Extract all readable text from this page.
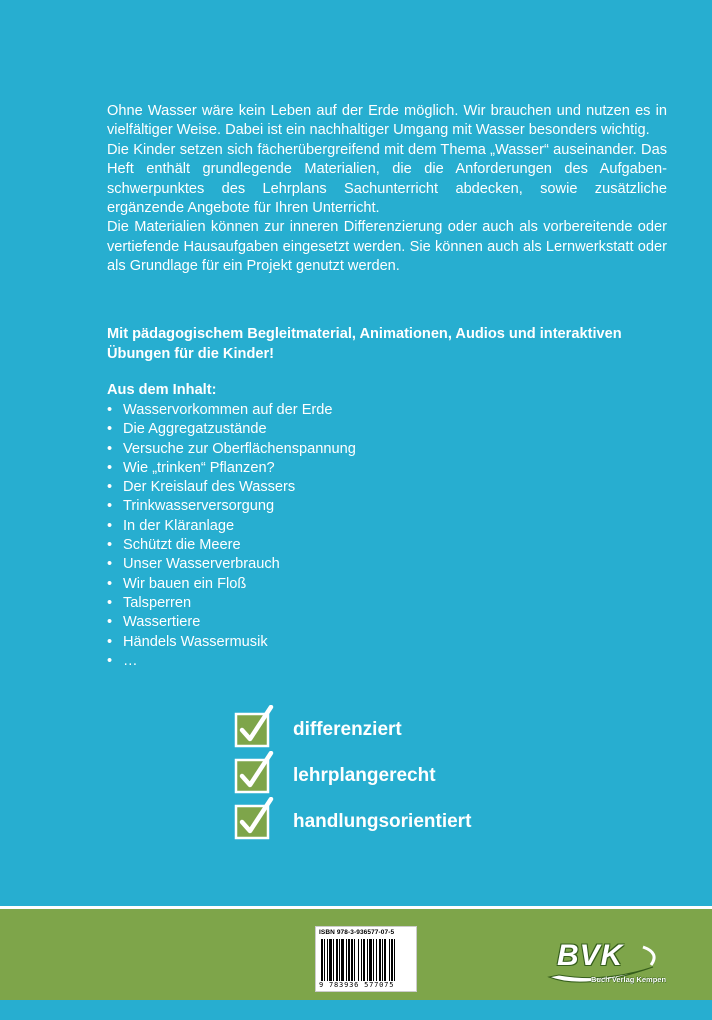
Ohne Wasser wäre kein Leben auf der Erde möglich. Wir brauchen und nutzen es in vielfältiger Weise. Dabei ist ein nachhaltiger Umgang mit Wasser besonders wichtig.

Die Kinder setzen sich fächerübergreifend mit dem Thema „Wasser“ auseinander. Das Heft enthält grundlegende Materialien, die die Anforderungen des Aufgabenschwerpunktes des Lehrplans Sachunterricht abdecken, sowie zusätzliche ergänzende Angebote für Ihren Unterricht.

Die Materialien können zur inneren Differenzierung oder auch als vorbereitende oder vertiefende Hausaufgaben eingesetzt werden. Sie können auch als Lernwerkstatt oder als Grundlage für ein Projekt genutzt werden.

Mit pädagogischem Begleitmaterial, Animationen, Audios und interaktiven Übungen für die Kinder!

Aus dem Inhalt:

• Wasservorkommen auf der Erde
• Die Aggregatzustände
• Versuche zur Oberflächenspannung
• Wie „trinken“ Pflanzen?
• Der Kreislauf des Wassers
• Trinkwasserversorgung
• In der Kläranlage
• Schützt die Meere
• Unser Wasserverbrauch
• Wir bauen ein Floß
• Talsperren
• Wassertiere
• Händels Wassermusik
• …
differenziert
lehrplangerecht
handlungsorientiert
ISBN 978-3-936577-07-5
9 783936 577075
BVK
Buch Verlag Kempen
